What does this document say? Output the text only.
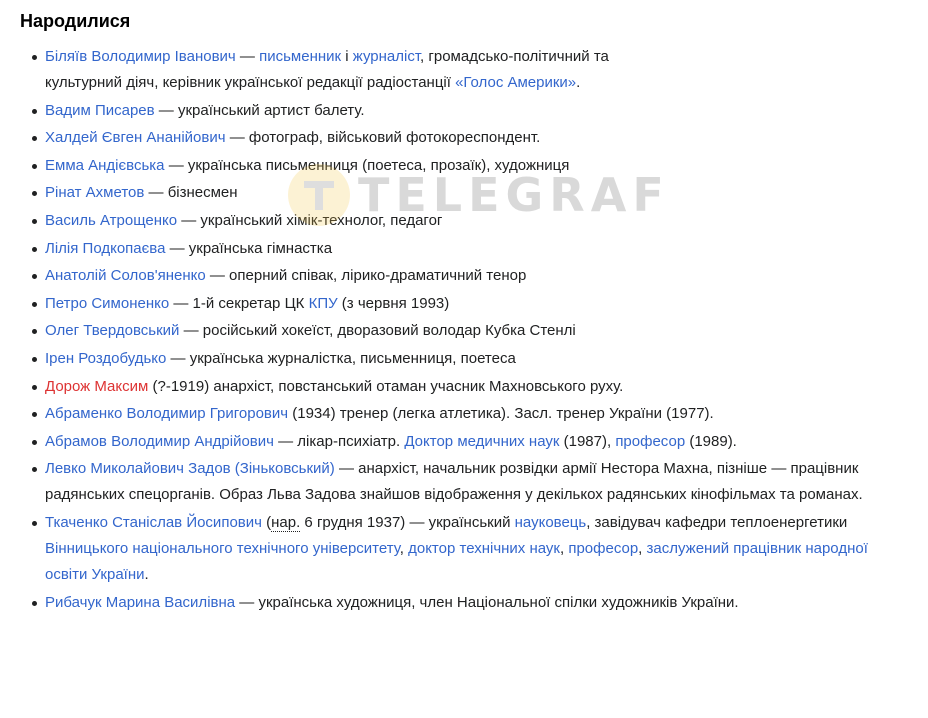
Народилися
Біляїв Володимир Іванович — письменник і журналіст, громадсько-політичний та
культурний діяч, керівник української редакції радіостанції «Голос Америки».
Вадим Писарев — український артист балету.
Халдей Євген Ананійович — фотограф, військовий фотокореспондент.
Емма Андієвська — українська письменниця (поетеса, прозаїк), художниця
Рінат Ахметов — бізнесмен
Василь Атрощенко — український хімік-технолог, педагог
Лілія Подкопаєва — українська гімнастка
Анатолій Солов'яненко — оперний співак, лірико-драматичний тенор
Петро Симоненко — 1-й секретар ЦК КПУ (з червня 1993)
Олег Твердовський — російський хокеїст, дворазовий володар Кубка Стенлі
Ірен Роздобудько — українська журналістка, письменниця, поетеса
Дорож Максим (?-1919) анархіст, повстанський отаман учасник Махновського руху.
Абраменко Володимир Григорович (1934) тренер (легка атлетика). Засл. тренер України (1977).
Абрамов Володимир Андрійович — лікар-психіатр. Доктор медичних наук (1987), професор (1989).
Левко Миколайович Задов (Зіньковський) — анархіст, начальник розвідки армії Нестора Махна, пізніше — працівник радянських спецорганів. Образ Льва Задова знайшов відображення у декількох радянських кінофільмах та романах.
Ткаченко Станіслав Йосипович (нар. 6 грудня 1937) — український науковець, завідувач кафедри теплоенергетики Вінницького національного технічного університету, доктор технічних наук, професор, заслужений працівник народної освіти України.
Рибачук Марина Василівна — українська художниця, член Національної спілки художників України.
TELEGRAF
